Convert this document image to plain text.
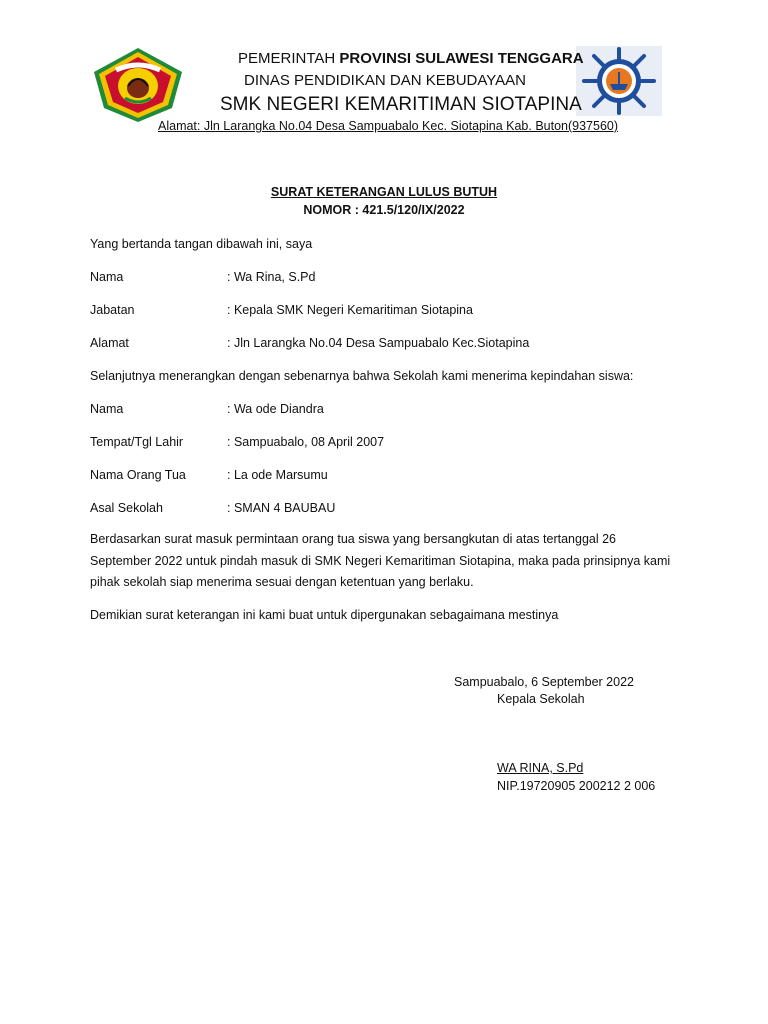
PEMERINTAH PROVINSI SULAWESI TENGGARA
DINAS PENDIDIKAN DAN KEBUDAYAAN
SMK NEGERI KEMARITIMAN SIOTAPINA
Alamat: Jln Larangka No.04 Desa Sampuabalo Kec. Siotapina Kab. Buton(937560)
SURAT KETERANGAN LULUS BUTUH
NOMOR : 421.5/120/IX/2022
Yang bertanda tangan dibawah ini, saya
Nama	: Wa Rina, S.Pd
Jabatan	: Kepala SMK Negeri Kemaritiman Siotapina
Alamat	: Jln Larangka No.04 Desa Sampuabalo Kec.Siotapina
Selanjutnya menerangkan dengan sebenarnya bahwa Sekolah kami menerima kepindahan siswa:
Nama	: Wa ode Diandra
Tempat/Tgl Lahir	: Sampuabalo, 08 April 2007
Nama Orang Tua	: La ode Marsumu
Asal Sekolah	: SMAN 4 BAUBAU
Berdasarkan surat masuk permintaan orang tua siswa yang bersangkutan di atas tertanggal 26
September 2022 untuk pindah masuk di SMK Negeri Kemaritiman Siotapina, maka pada prinsipnya kami
pihak sekolah siap menerima sesuai dengan ketentuan yang berlaku.
Demikian surat keterangan ini kami buat untuk dipergunakan sebagaimana mestinya
Sampuabalo, 6 September 2022
Kepala Sekolah
WA RINA, S.Pd
NIP.19720905 200212 2 006
